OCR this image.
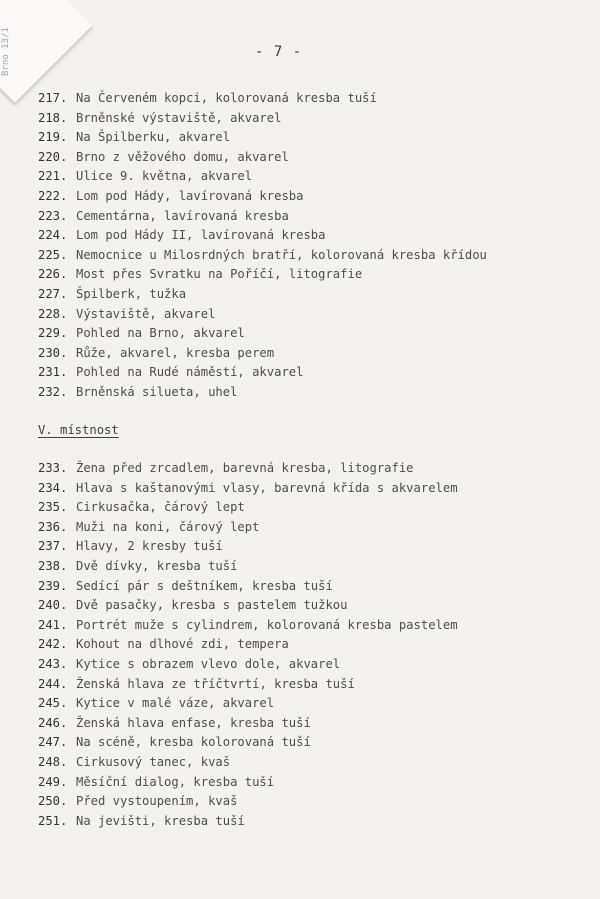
Brno 13/1	- 7 -
217. Na Červeném kopci, kolorovaná kresba tuší
218. Brněnské výstaviště, akvarel
219. Na Špilberku, akvarel
220. Brno z věžového domu, akvarel
221. Ulice 9. května, akvarel
222. Lom pod Hády, lavírovaná kresba
223. Cementárna, lavírovaná kresba
224. Lom pod Hády II, lavírovaná kresba
225. Nemocnice u Milosrdných bratří, kolorovaná kresba křídou
226. Most přes Svratku na Poříčí, litografie
227. Špilberk, tužka
228. Výstaviště, akvarel
229. Pohled na Brno, akvarel
230. Růže, akvarel, kresba perem
231. Pohled na Rudé náměstí, akvarel
232. Brněnská silueta, uhel
V. místnost
233. Žena před zrcadlem, barevná kresba, litografie
234. Hlava s kaštanovými vlasy, barevná křída s akvarelem
235. Cirkusačka, čárový lept
236. Muži na koni, čárový lept
237. Hlavy, 2 kresby tuší
238. Dvě dívky, kresba tuší
239. Sedící pár s deštníkem, kresba tuší
240. Dvě pasačky, kresba s pastelem tužkou
241. Portrét muže s cylindrem, kolorovaná kresba pastelem
242. Kohout na dlhové zdi, tempera
243. Kytice s obrazem vlevo dole, akvarel
244. Ženská hlava ze tříčtvrtí, kresba tuší
245. Kytice v malé váze, akvarel
246. Ženská hlava enfase, kresba tuší
247. Na scéně, kresba kolorovaná tuší
248. Cirkusový tanec, kvaš
249. Měsíční dialog, kresba tuší
250. Před vystoupením, kvaš
251. Na jevišti, kresba tuší
